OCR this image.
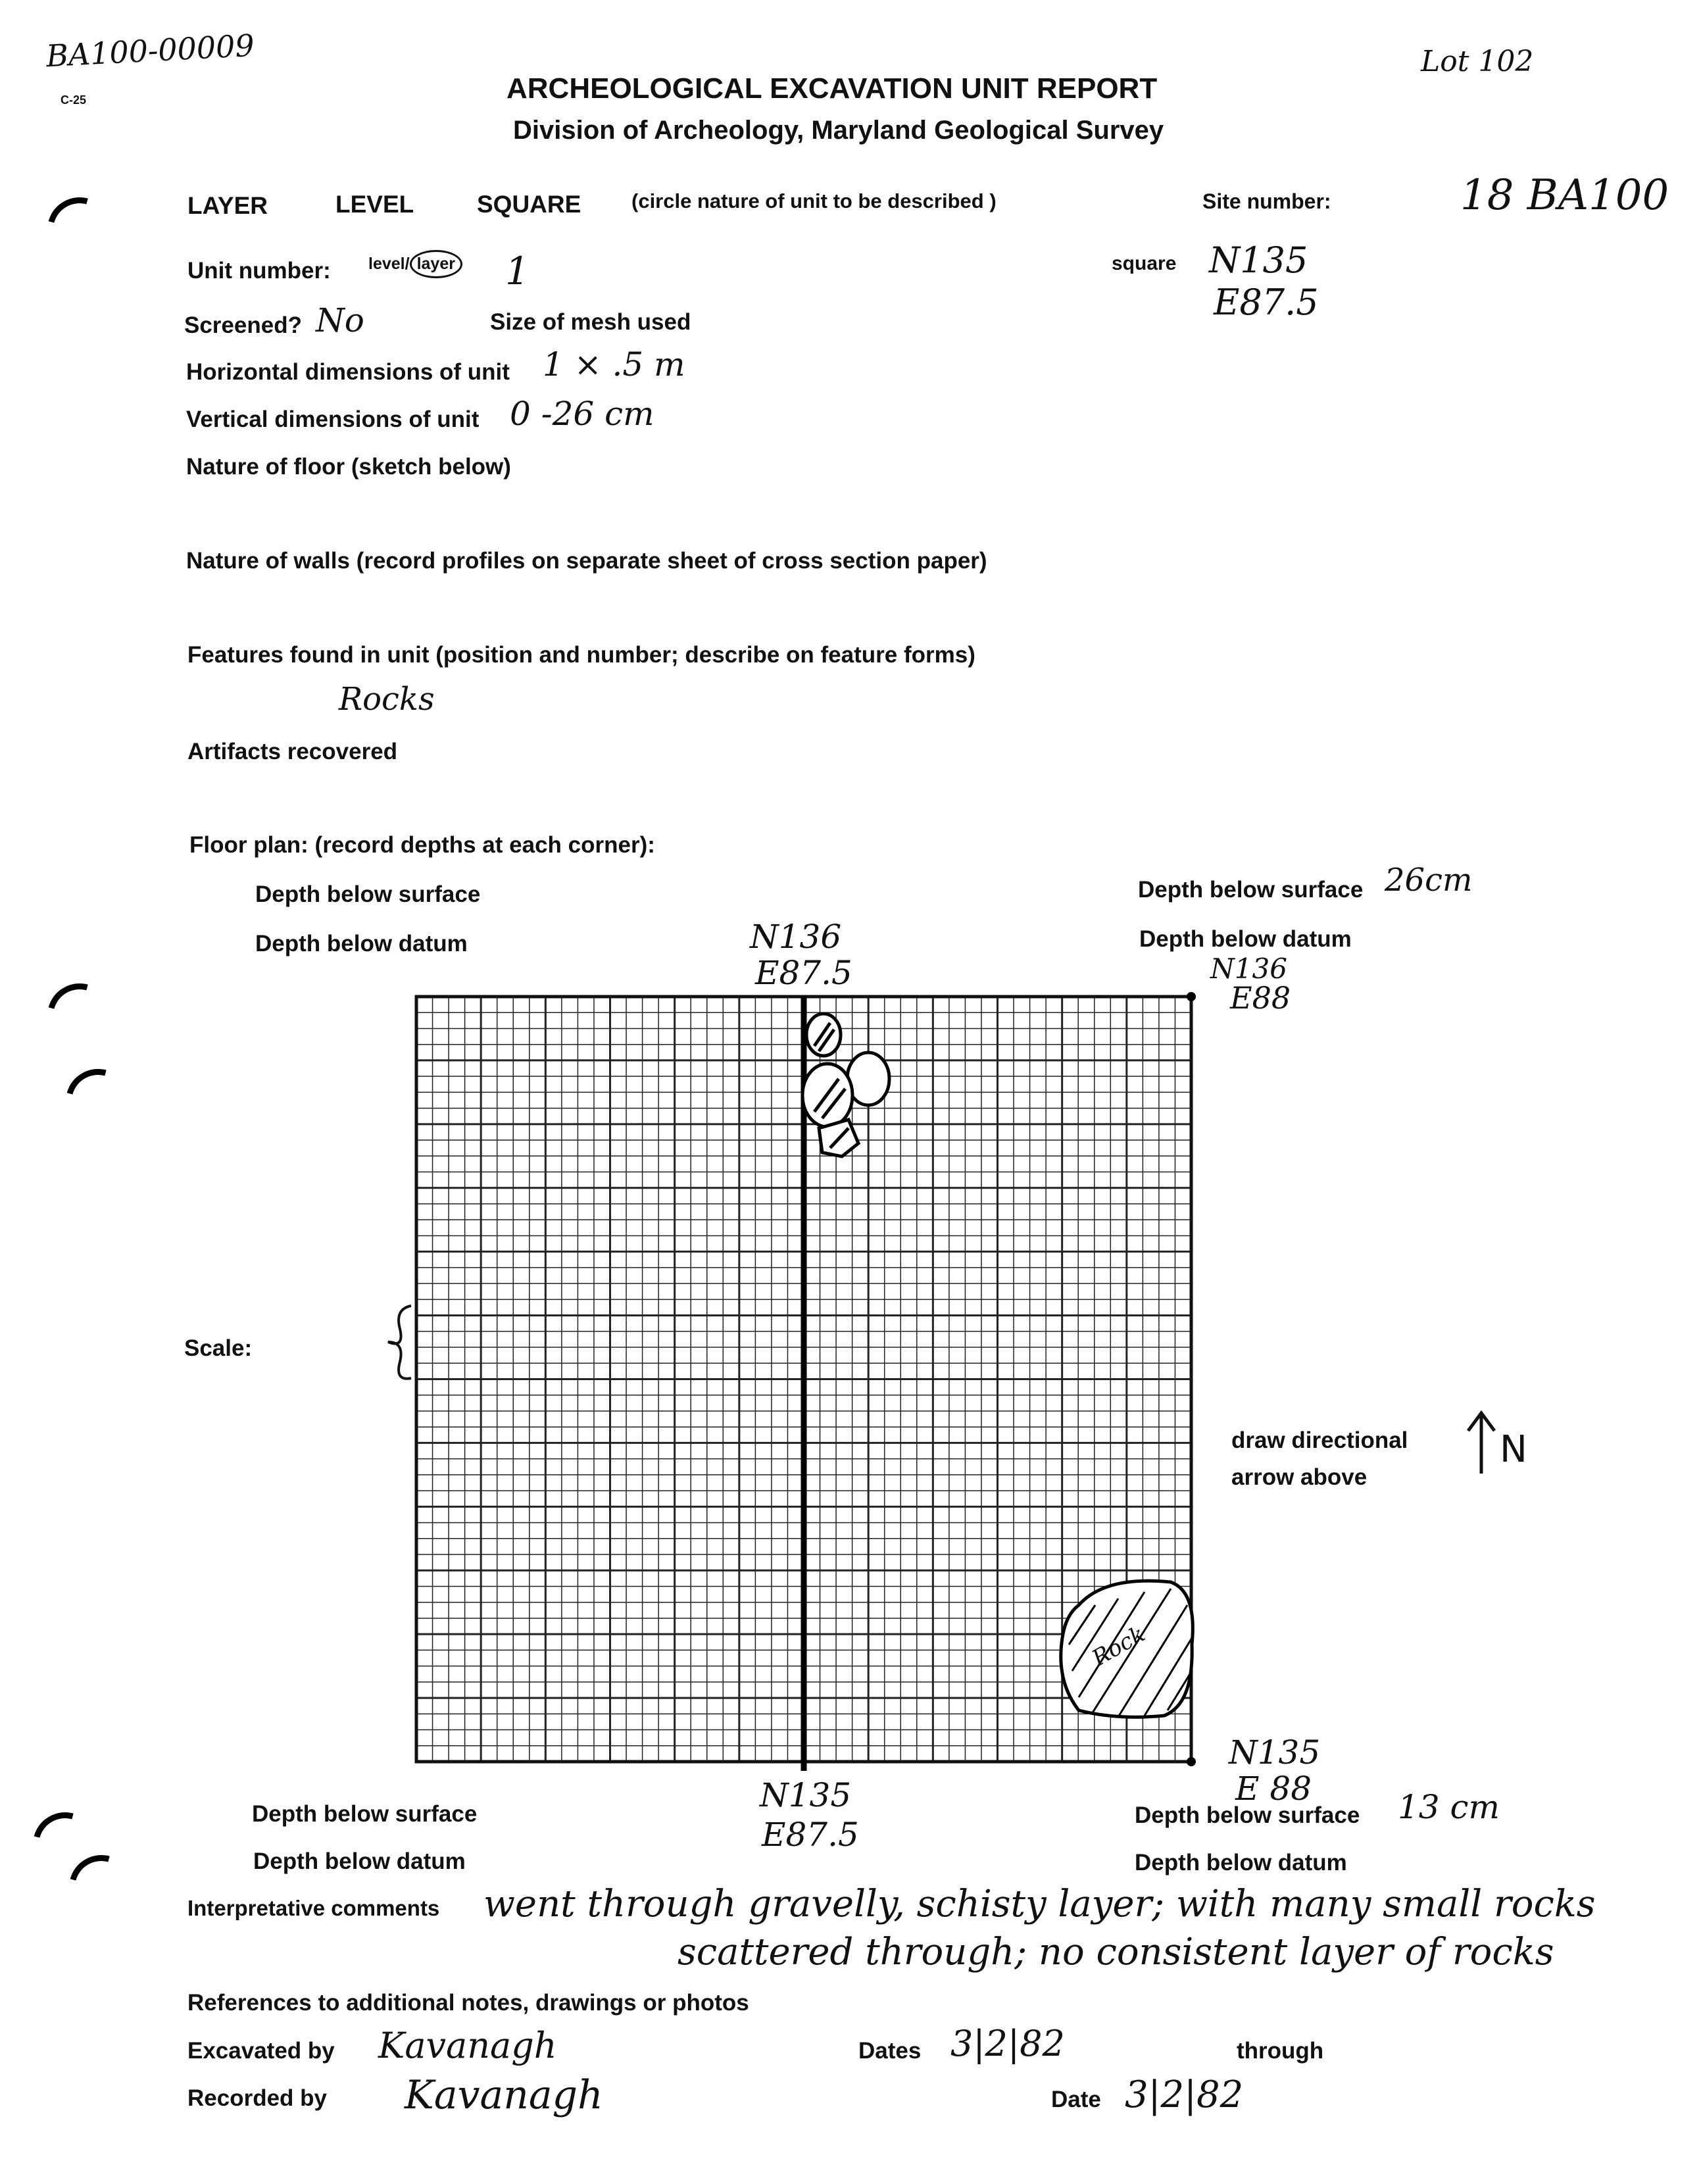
BA100-00009
C-25
Lot 102
ARCHEOLOGICAL EXCAVATION UNIT REPORT
Division of Archeology, Maryland Geological Survey
LAYER	LEVEL	SQUARE (circle nature of unit to be described )	Site number:	18 BA100
Unit number: level/ layer 1	square N135
E87.5
Screened? No	Size of mesh used
Horizontal dimensions of unit 1 × .5 m
Vertical dimensions of unit 0 -26 cm
Nature of floor (sketch below)
Nature of walls (record profiles on separate sheet of cross section paper)
Features found in unit (position and number; describe on feature forms)
Rocks
Artifacts recovered
Floor plan: (record depths at each corner):
Depth below surface
Depth below datum
Depth below surface 26cm
Depth below datum
N136
E87.5	N136
E88
Scale:
draw directional
arrow above
N135
E 88
N135
E87.5
Depth below surface
Depth below datum
Depth below surface 13 cm
Depth below datum
Rock
N
Interpretative comments went through gravelly, schisty layer; with many small rocks
scattered through; no consistent layer of rocks
References to additional notes, drawings or photos
Excavated by Kavanagh	Dates 3|2|82	through
Recorded by Kavanagh	Date 3|2|82
